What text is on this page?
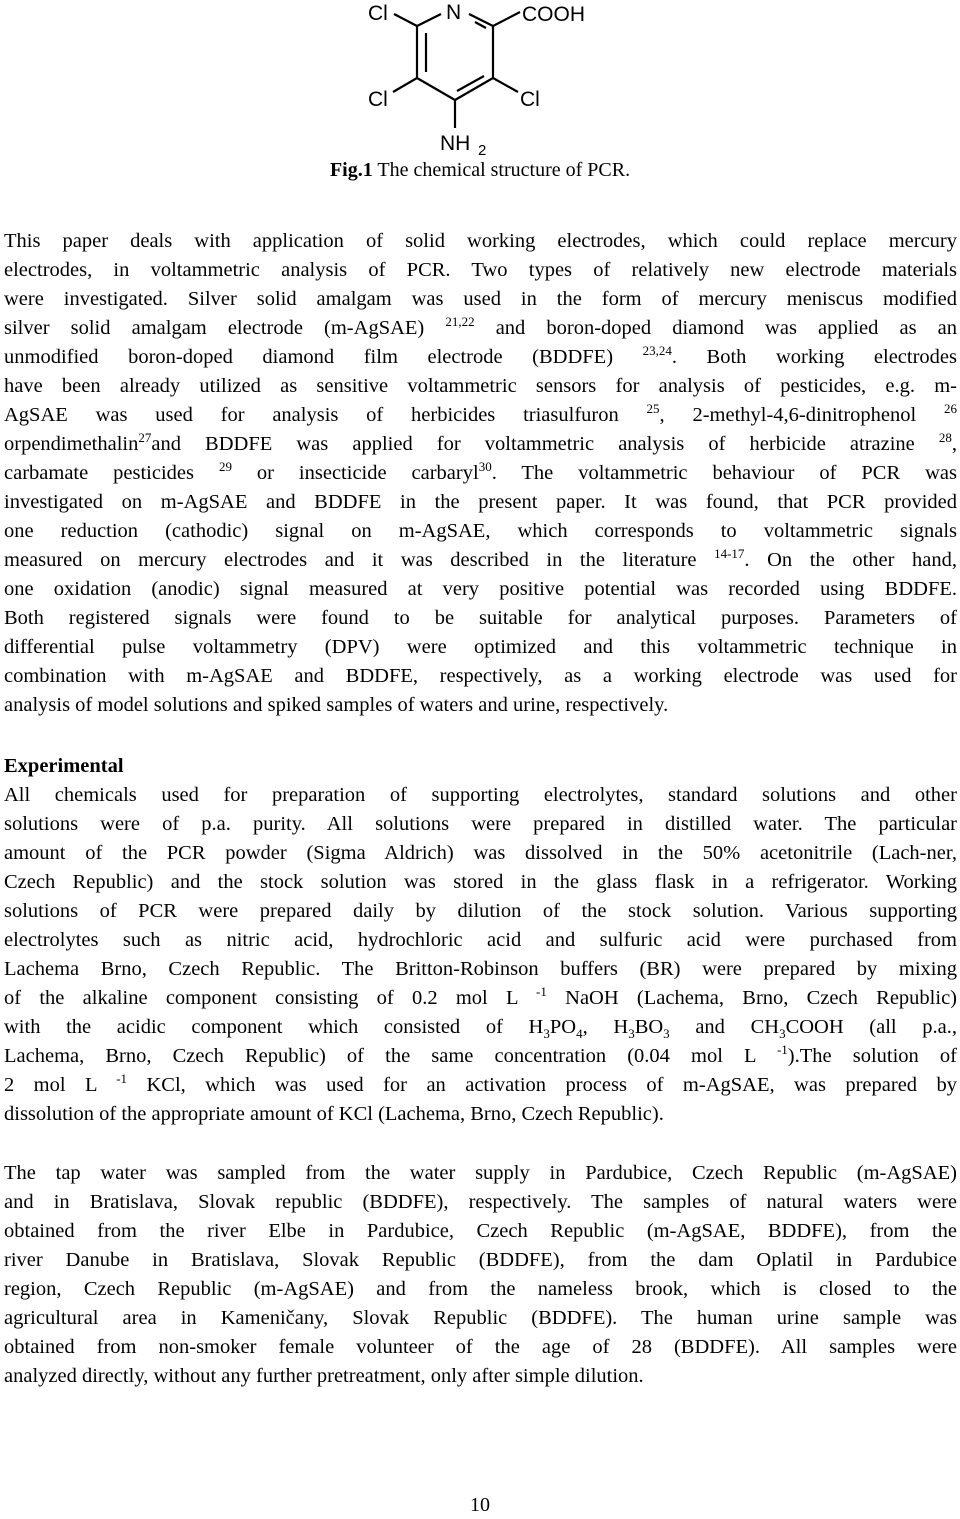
Cl	N	COOH
Cl	Cl
NH 2
Fig.1 The chemical structure of PCR.
This paper deals with application of solid working electrodes, which could replace mercury
electrodes, in voltammetric analysis of PCR. Two types of relatively new electrode materials
were investigated. Silver solid amalgam was used in the form of mercury meniscus modified
silver solid amalgam electrode (m-AgSAE) $^{21,22}$ and boron-doped diamond was applied as an
unmodified boron-doped diamond film electrode (BDDFE) $^{23,24}$. Both working electrodes
have been already utilized as sensitive voltammetric sensors for analysis of pesticides, e.g. m-
AgSAE was used for analysis of herbicides triasulfuron $^{25}$, 2-methyl-4,6-dinitrophenol $^{26}$
orpendimethalin$^{27}$and BDDFE was applied for voltammetric analysis of herbicide atrazine $^{28}$,
carbamate pesticides $^{29}$ or insecticide carbaryl$^{30}$. The voltammetric behaviour of PCR was
investigated on m-AgSAE and BDDFE in the present paper. It was found, that PCR provided
one reduction (cathodic) signal on m-AgSAE, which corresponds to voltammetric signals
measured on mercury electrodes and it was described in the literature $^{14-17}$. On the other hand,
one oxidation (anodic) signal measured at very positive potential was recorded using BDDFE.
Both registered signals were found to be suitable for analytical purposes. Parameters of
differential pulse voltammetry (DPV) were optimized and this voltammetric technique in
combination with m-AgSAE and BDDFE, respectively, as a working electrode was used for
analysis of model solutions and spiked samples of waters and urine, respectively.
Experimental
All chemicals used for preparation of supporting electrolytes, standard solutions and other
solutions were of p.a. purity. All solutions were prepared in distilled water. The particular
amount of the PCR powder (Sigma Aldrich) was dissolved in the 50% acetonitrile (Lach-ner,
Czech Republic) and the stock solution was stored in the glass flask in a refrigerator. Working
solutions of PCR were prepared daily by dilution of the stock solution. Various supporting
electrolytes such as nitric acid, hydrochloric acid and sulfuric acid were purchased from
Lachema Brno, Czech Republic. The Britton-Robinson buffers (BR) were prepared by mixing
of the alkaline component consisting of 0.2 mol L $^{-1}$ NaOH (Lachema, Brno, Czech Republic)
with the acidic component which consisted of $H_3PO_4$, $H_3BO_3$ and $CH_3COOH$ (all p.a.,
Lachema, Brno, Czech Republic) of the same concentration (0.04 mol L $^{-1}$).The solution of
2 mol L $^{-1}$ KCl, which was used for an activation process of m-AgSAE, was prepared by
dissolution of the appropriate amount of KCl (Lachema, Brno, Czech Republic).
The tap water was sampled from the water supply in Pardubice, Czech Republic (m-AgSAE)
and in Bratislava, Slovak republic (BDDFE), respectively. The samples of natural waters were
obtained from the river Elbe in Pardubice, Czech Republic (m-AgSAE, BDDFE), from the
river Danube in Bratislava, Slovak Republic (BDDFE), from the dam Oplatil in Pardubice
region, Czech Republic (m-AgSAE) and from the nameless brook, which is closed to the
agricultural area in Kameničany, Slovak Republic (BDDFE). The human urine sample was
obtained from non-smoker female volunteer of the age of 28 (BDDFE). All samples were
analyzed directly, without any further pretreatment, only after simple dilution.
10
